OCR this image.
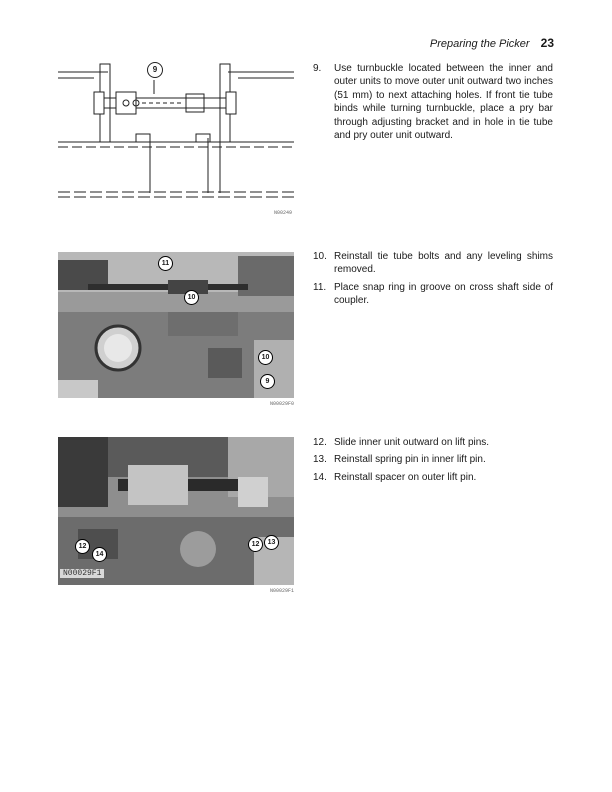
Preparing the Picker 23
9
N00249
11
10
10
9
N00029F0
12
14
12	13
N00029F1
N00029F1
9. Use turnbuckle located between the inner and outer units to move outer unit outward two inches (51 mm) to next attaching holes. If front tie tube binds while turning turnbuckle, place a pry bar through adjusting bracket and in hole in tie tube and pry outer unit outward.
10. Reinstall tie tube bolts and any leveling shims removed.
11. Place snap ring in groove on cross shaft side of coupler.
12. Slide inner unit outward on lift pins.
13. Reinstall spring pin in inner lift pin.
14. Reinstall spacer on outer lift pin.
